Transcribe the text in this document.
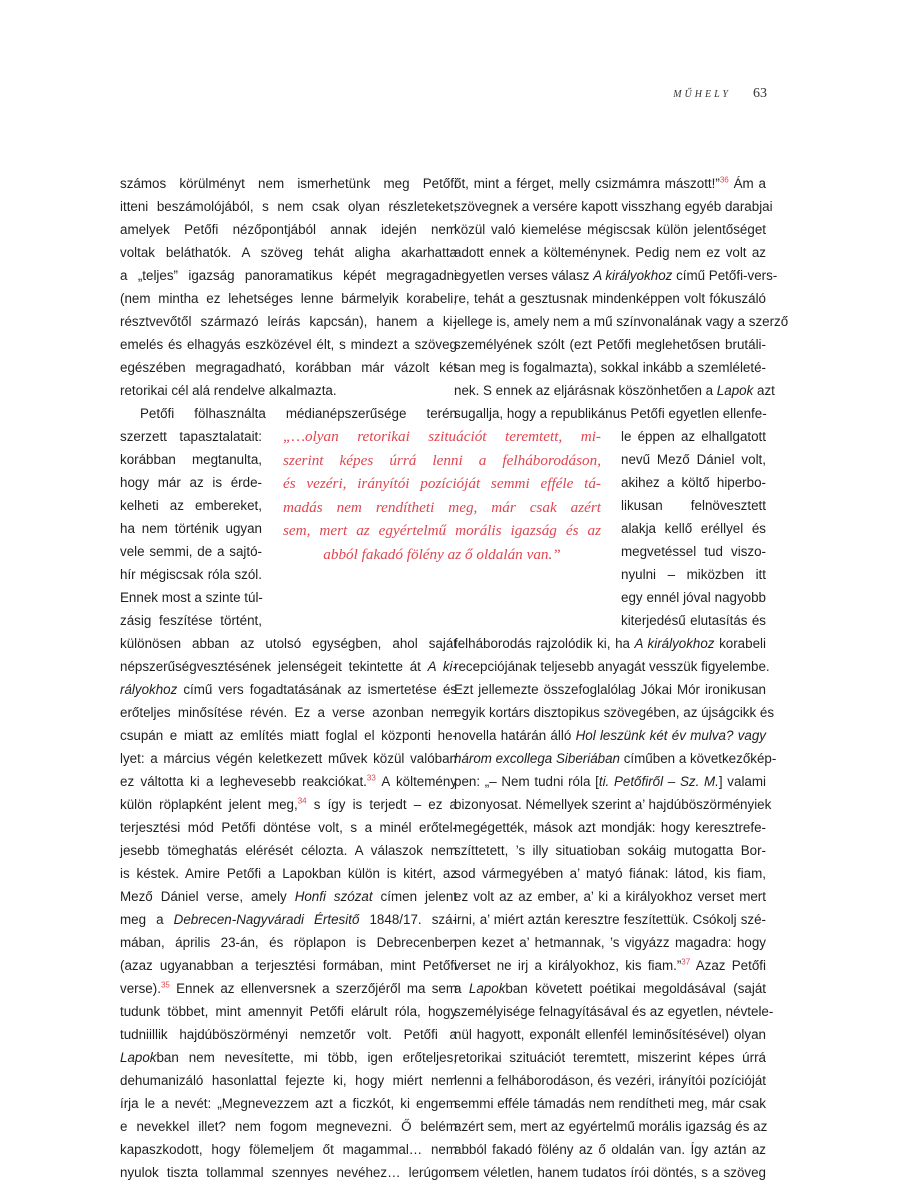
MŰHELY 63
számos körülményt nem ismerhetünk meg Petőfi
itteni beszámolójából, s nem csak olyan részleteket,
amelyek Petőfi nézőpontjából annak idején nem
voltak beláthatók. A szöveg tehát aligha akarhatta
a „teljes” igazság panoramatikus képét megragadni
(nem mintha ez lehetséges lenne bármelyik korabeli,
résztvevőtől származó leírás kapcsán), hanem a ki-
emelés és elhagyás eszközével élt, s mindezt a szöveg
egészében megragadható, korábban már vázolt két
retorikai cél alá rendelve alkalmazta.
Petőfi fölhasználta médianépszerűsége terén
szerzett tapasztalatait:
korábban megtanulta,
hogy már az is érde-
kelheti az embereket,
ha nem történik ugyan
vele semmi, de a sajtó-
hír mégiscsak róla szól.
Ennek most a szinte túl-
zásig feszítése történt,
különösen abban az utolsó egységben, ahol saját
népszerűségvesztésének jelenségeit tekintette át A ki-
rályokhoz című vers fogadtatásának az ismertetése és
erőteljes minősítése révén. Ez a verse azonban nem
csupán e miatt az említés miatt foglal el központi he-
lyet: a március végén keletkezett művek közül valóban
ez váltotta ki a leghevesebb reakciókat.$^{33}$ A költemény
külön röplapként jelent meg,$^{34}$ s így is terjedt – ez a
terjesztési mód Petőfi döntése volt, s a minél erőtel-
jesebb tömeghatás elérését célozta. A válaszok nem
is késtek. Amire Petőfi a Lapokban külön is kitért, az
Mező Dániel verse, amely Honfi szózat címen jelent
meg a Debrecen-Nagyváradi Értesitő 1848/17. szá-
mában, április 23-án, és röplapon is Debrecenben
(azaz ugyanabban a terjesztési formában, mint Petőfi
verse).$^{35}$ Ennek az ellenversnek a szerzőjéről ma sem
tudunk többet, mint amennyit Petőfi elárult róla, hogy
tudniillik hajdúböszörményi nemzetőr volt. Petőfi a
Lapokban nem nevesítette, mi több, igen erőteljes,
dehumanizáló hasonlattal fejezte ki, hogy miért nem
írja le a nevét: „Megnevezzem azt a ficzkót, ki engem
e nevekkel illet? nem fogom megnevezni. Ő belém
kapaszkodott, hogy fölemeljem őt magammal… nem
nyulok tiszta tollammal szennyes nevéhez… lerúgom
„…olyan retorikai szituációt teremtett, mi-
szerint képes úrrá lenni a felháborodáson,
és vezéri, irányítói pozícióját semmi efféle tá-
madás nem rendítheti meg, már csak azért
sem, mert az egyértelmű morális igazság és az
abból fakadó fölény az ő oldalán van.”
őt, mint a férget, melly csizmámra mászott!”$^{36}$ Ám a
szövegnek a versére kapott visszhang egyéb darabjai
közül való kiemelése mégiscsak külön jelentőséget
adott ennek a költeménynek. Pedig nem ez volt az
egyetlen verses válasz A királyokhoz című Petőfi-vers-
re, tehát a gesztusnak mindenképpen volt fókuszáló
jellege is, amely nem a mű színvonalának vagy a szerző
személyének szólt (ezt Petőfi meglehetősen brutáli-
san meg is fogalmazta), sokkal inkább a szemléleté-
nek. S ennek az eljárásnak köszönhetően a Lapok azt
sugallja, hogy a republikánus Petőfi egyetlen ellenfe-
le éppen az elhallgatott
nevű Mező Dániel volt,
akihez a költő hiperbo-
likusan felnövesztett
alakja kellő eréllyel és
megvetéssel tud viszo-
nyulni – miközben itt
egy ennél jóval nagyobb
kiterjedésű elutasítás és
felháborodás rajzolódik ki, ha A királyokhoz korabeli
recepciójának teljesebb anyagát vesszük figyelembe.
Ezt jellemezte összefoglalólag Jókai Mór ironikusan
egyik kortárs disztopikus szövegében, az újságcikk és
novella határán álló Hol leszünk két év mulva? vagy
három excollega Siberiában címűben a következőkép-
pen: „– Nem tudni róla [ti. Petőfiről – Sz. M.] valami
bizonyosat. Némellyek szerint a’ hajdúböszörményiek
megégették, mások azt mondják: hogy keresztrefe-
szíttetett, ’s illy situatioban sokáig mutogatta Bor-
sod vármegyében a’ matyó fiának: látod, kis fiam,
ez volt az az ember, a’ ki a királyokhoz verset mert
irni, a’ miért aztán keresztre feszítettük. Csókolj szé-
pen kezet a’ hetmannak, ’s vigyázz magadra: hogy
verset ne irj a királyokhoz, kis fiam.”$^{37}$ Azaz Petőfi
a Lapokban követett poétikai megoldásával (saját
személyisége felnagyításával és az egyetlen, névtele-
nül hagyott, exponált ellenfél leminősítésével) olyan
retorikai szituációt teremtett, miszerint képes úrrá
lenni a felháborodáson, és vezéri, irányítói pozícióját
semmi efféle támadás nem rendítheti meg, már csak
azért sem, mert az egyértelmű morális igazság és az
abból fakadó fölény az ő oldalán van. Így aztán az
sem véletlen, hanem tudatos írói döntés, s a szöveg
